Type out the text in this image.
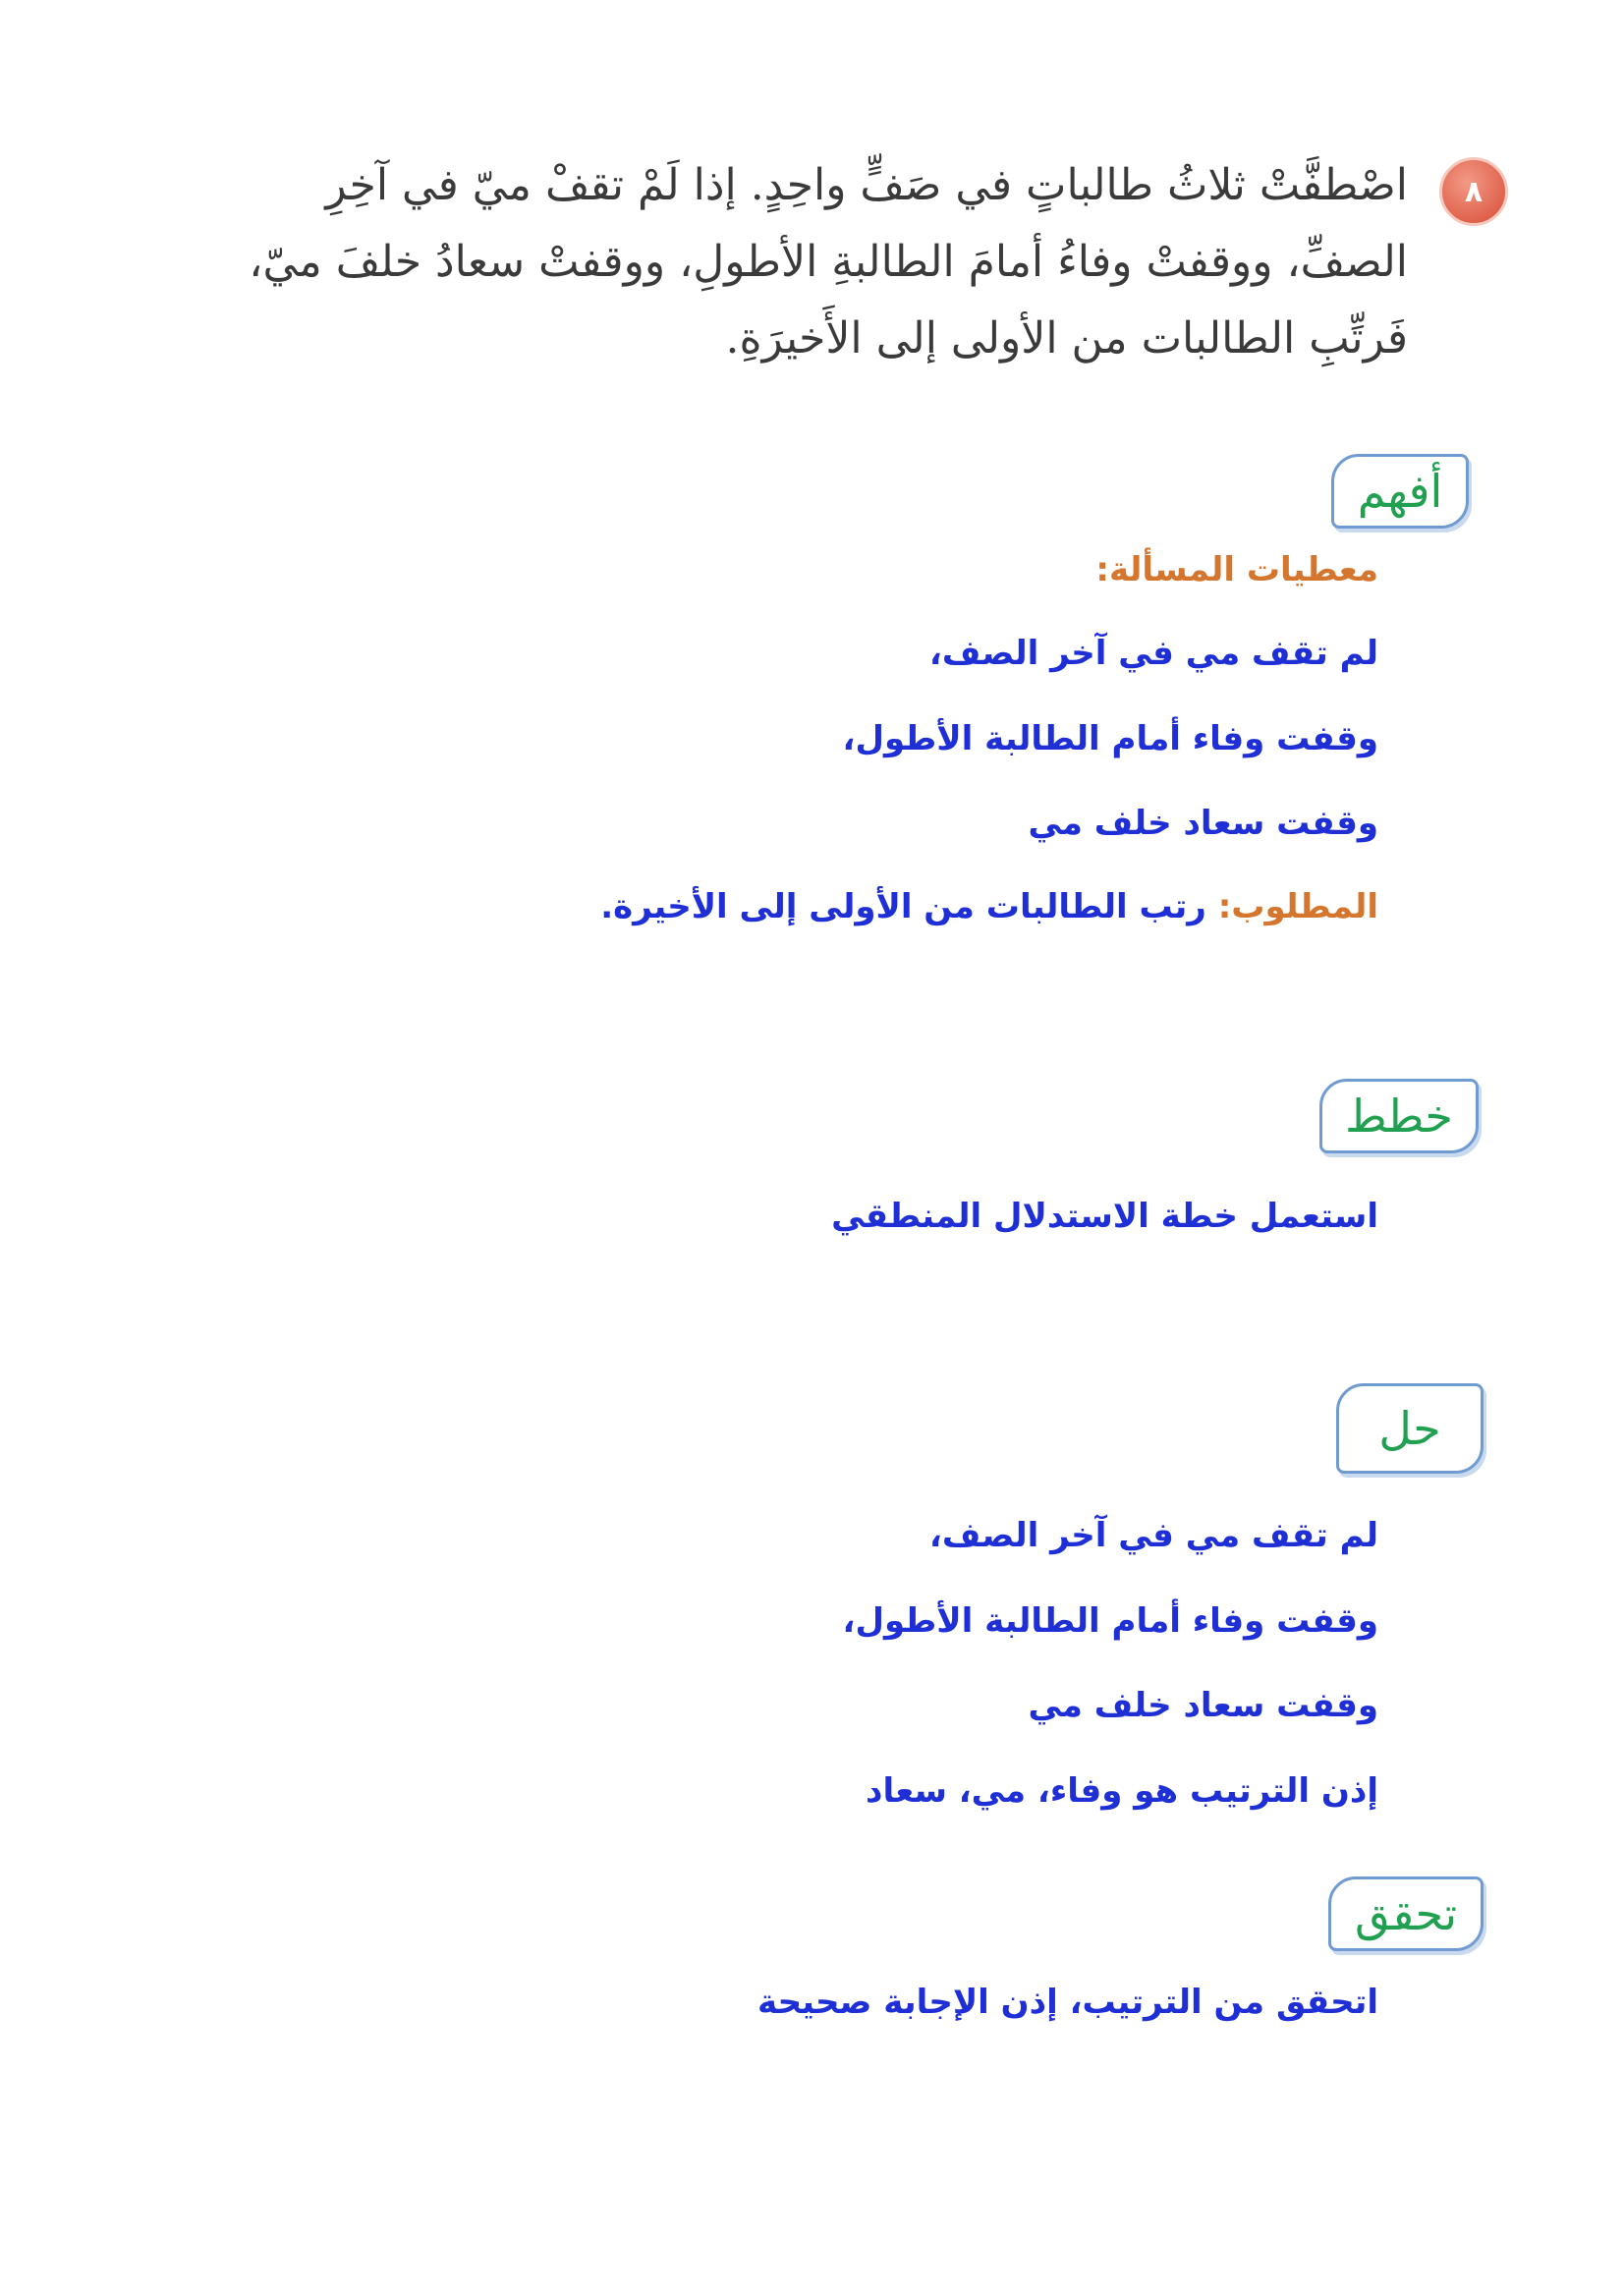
٨
اصْطفَّتْ ثلاثُ طالباتٍ في صَفٍّ واحِدٍ. إذا لَمْ تقفْ ميّ في آخِرِ الصفِّ، ووقفتْ وفاءُ أمامَ الطالبةِ الأطولِ، ووقفتْ سعادُ خلفَ ميّ، فَرتِّبِ الطالبات من الأولى إلى الأَخيرَةِ.
أفهم
معطيات المسألة:
لم تقف مي في آخر الصف،
وقفت وفاء أمام الطالبة الأطول،
وقفت سعاد خلف مي
المطلوب: رتب الطالبات من الأولى إلى الأخيرة.
خطط
استعمل خطة الاستدلال المنطقي
حل
لم تقف مي في آخر الصف،
وقفت وفاء أمام الطالبة الأطول،
وقفت سعاد خلف مي
إذن الترتيب هو وفاء، مي، سعاد
تحقق
اتحقق من الترتيب، إذن الإجابة صحيحة
